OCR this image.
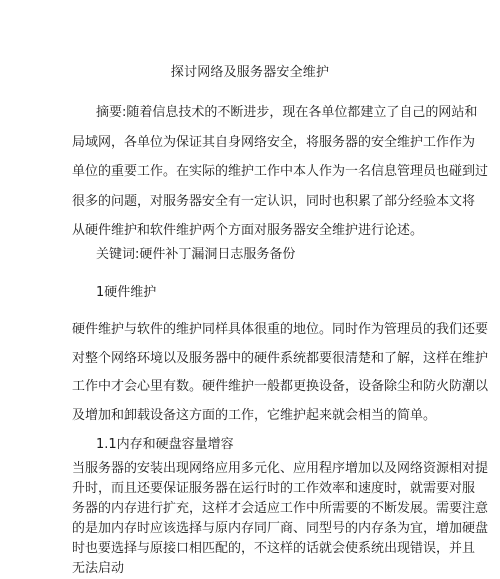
探讨网络及服务器安全维护
摘要:随着信息技术的不断进步，现在各单位都建立了自己的网站和
局域网，各单位为保证其自身网络安全，将服务器的安全维护工作作为
单位的重要工作。在实际的维护工作中本人作为一名信息管理员也碰到过
很多的问题，对服务器安全有一定认识，同时也积累了部分经验本文将
从硬件维护和软件维护两个方面对服务器安全维护进行论述。
关键词:硬件补丁漏洞日志服务备份
1硬件维护
硬件维护与软件的维护同样具体很重的地位。同时作为管理员的我们还要
对整个网络环境以及服务器中的硬件系统都要很清楚和了解，这样在维护
工作中才会心里有数。硬件维护一般都更换设备，设备除尘和防火防潮以
及增加和卸载设备这方面的工作，它维护起来就会相当的简单。
1.1内存和硬盘容量增容
当服务器的安装出现网络应用多元化、应用程序增加以及网络资源相对提
升时，而且还要保证服务器在运行时的工作效率和速度时，就需要对服
务器的内存进行扩充，这样才会适应工作中所需要的不断发展。需要注意
的是加内存时应该选择与原内存同厂商、同型号的内存条为宜，增加硬盘
时也要选择与原接口相匹配的，不这样的话就会使系统出现错误，并且
无法启动
